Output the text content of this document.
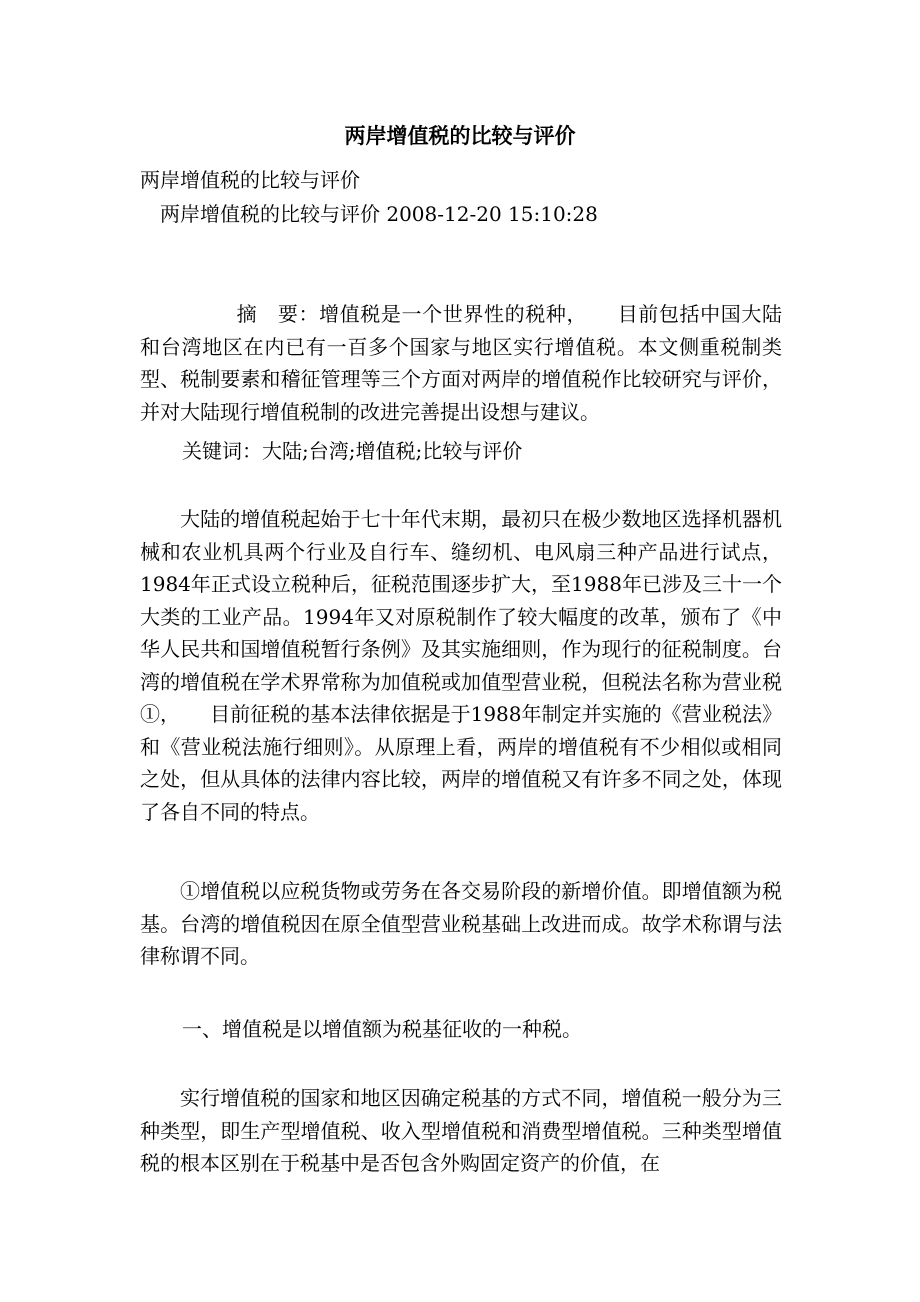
两岸增值税的比较与评价

两岸增值税的比较与评价

两岸增值税的比较与评价 2008-12-20 15:10:28

摘　要：增值税是一个世界性的税种， 目前包括中国大陆和台湾地区在内已有一百多个国家与地区实行增值税。本文侧重税制类型、税制要素和稽征管理等三个方面对两岸的增值税作比较研究与评价，并对大陆现行增值税制的改进完善提出设想与建议。

关键词：大陆;台湾;增值税;比较与评价

大陆的增值税起始于七十年代末期，最初只在极少数地区选择机器机械和农业机具两个行业及自行车、缝纫机、电风扇三种产品进行试点，1984年正式设立税种后，征税范围逐步扩大，至1988年已涉及三十一个大类的工业产品。1994年又对原税制作了较大幅度的改革，颁布了《中华人民共和国增值税暂行条例》及其实施细则，作为现行的征税制度。台湾的增值税在学术界常称为加值税或加值型营业税，但税法名称为营业税①， 目前征税的基本法律依据是于1988年制定并实施的《营业税法》和《营业税法施行细则》。从原理上看，两岸的增值税有不少相似或相同之处，但从具体的法律内容比较，两岸的增值税又有许多不同之处，体现了各自不同的特点。

①增值税以应税货物或劳务在各交易阶段的新增价值。即增值额为税基。台湾的增值税因在原全值型营业税基础上改进而成。故学术称谓与法律称谓不同。

一、增值税是以增值额为税基征收的一种税。

实行增值税的国家和地区因确定税基的方式不同，增值税一般分为三种类型，即生产型增值税、收入型增值税和消费型增值税。三种类型增值税的根本区别在于税基中是否包含外购固定资产的价值，在
